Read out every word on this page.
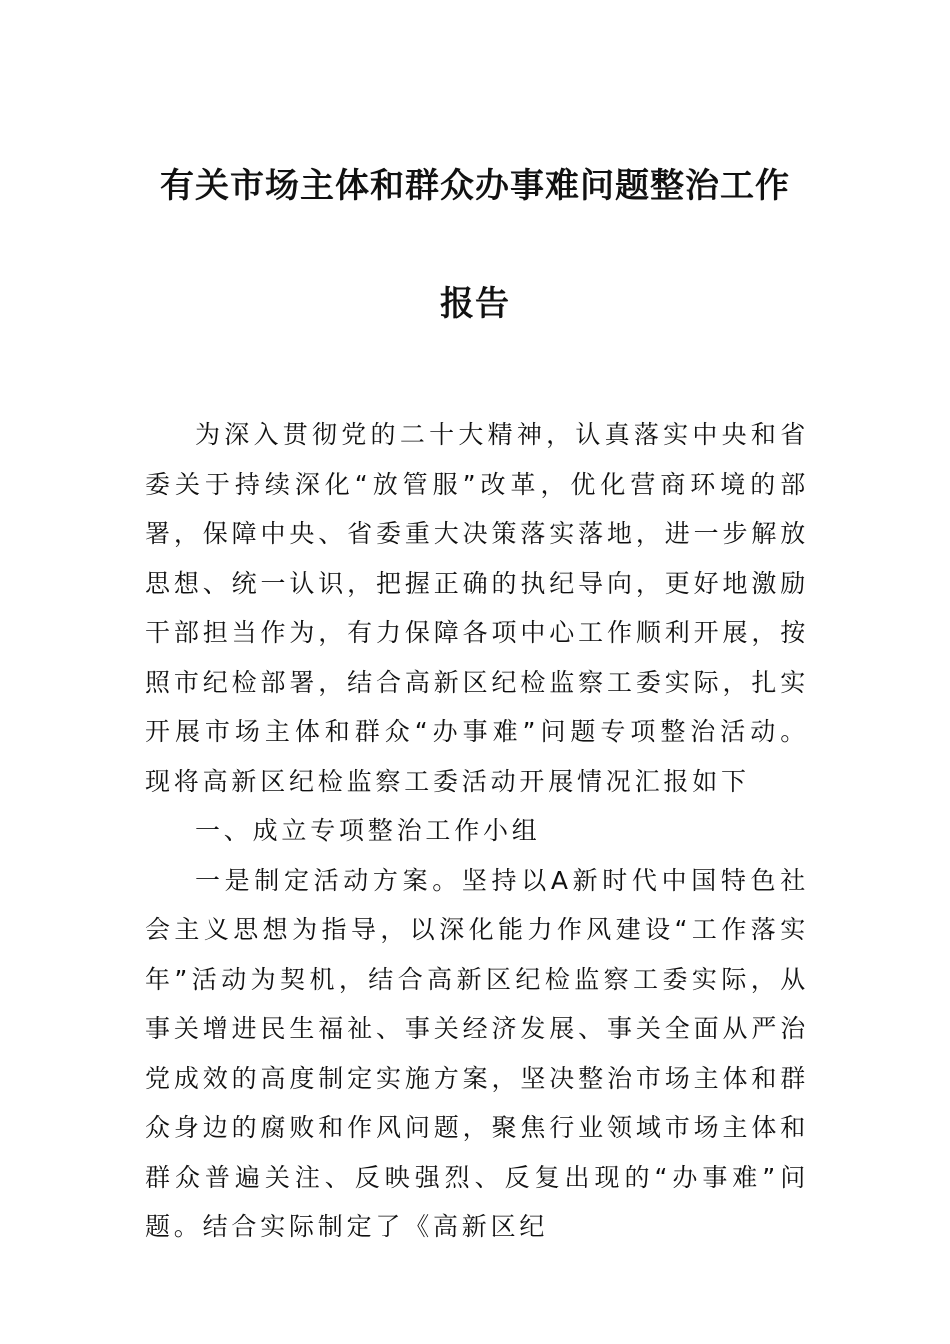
有关市场主体和群众办事难问题整治工作
报告

为深入贯彻党的二十大精神，认真落实中央和省委关于持续深化“放管服”改革，优化营商环境的部署，保障中央、省委重大决策落实落地，进一步解放思想、统一认识，把握正确的执纪导向，更好地激励干部担当作为，有力保障各项中心工作顺利开展，按照市纪检部署，结合高新区纪检监察工委实际，扎实开展市场主体和群众“办事难”问题专项整治活动。现将高新区纪检监察工委活动开展情况汇报如下

一、成立专项整治工作小组

一是制定活动方案。坚持以A新时代中国特色社会主义思想为指导，以深化能力作风建设“工作落实年”活动为契机，结合高新区纪检监察工委实际，从事关增进民生福祉、事关经济发展、事关全面从严治党成效的高度制定实施方案，坚决整治市场主体和群众身边的腐败和作风问题，聚焦行业领域市场主体和群众普遍关注、反映强烈、反复出现的“办事难”问题。结合实际制定了《高新区纪
